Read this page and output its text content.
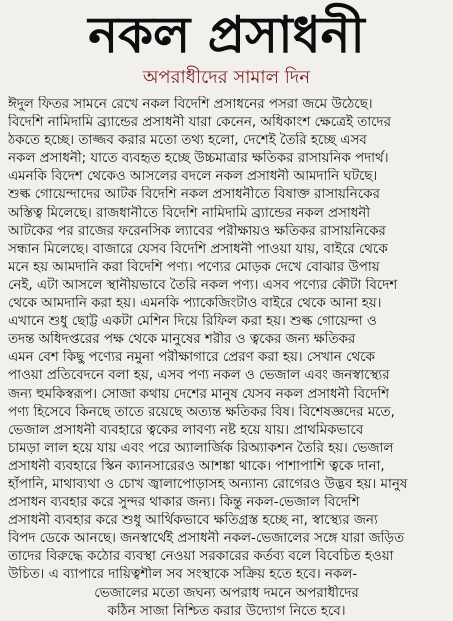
নকল প্রসাধনী
অপরাধীদের সামাল দিন
ঈদুল ফিতর সামনে রেখে নকল বিদেশি প্রসাধনের পসরা জমে উঠেছে।
বিদেশি নামিদামি ব্র্যান্ডের প্রসাধনী যারা কেনেন, অধিকাংশ ক্ষেত্রেই তাদের
ঠকতে হচ্ছে। তাজ্জব করার মতো তথ্য হলো, দেশেই তৈরি হচ্ছে এসব
নকল প্রসাধনী; যাতে ব্যবহৃত হচ্ছে উচ্চমাত্রার ক্ষতিকর রাসায়নিক পদার্থ।
এমনকি বিদেশ থেকেও আসলের বদলে নকল প্রসাধনী আমদানি ঘটছে।
শুল্ক গোয়েন্দাদের আটক বিদেশি নকল প্রসাধনীতে বিষাক্ত রাসায়নিকের
অস্তিত্ব মিলেছে। রাজধানীতে বিদেশি নামিদামি ব্র্যান্ডের নকল প্রসাধনী
আটকের পর রাজের ফরেনসিক ল্যাবের পরীক্ষায়ও ক্ষতিকর রাসায়নিকের
সন্ধান মিলেছে। বাজারে যেসব বিদেশি প্রসাধনী পাওয়া যায়, বাইরে থেকে
মনে হয় আমদানি করা বিদেশি পণ্য। পণ্যের মোড়ক দেখে বোঝার উপায়
নেই, এটা আসলে স্থানীয়ভাবে তৈরি নকল পণ্য। এসব পণ্যের কৌটা বিদেশ
থেকে আমদানি করা হয়। এমনকি প্যাকেজিংটাও বাইরে থেকে আনা হয়।
এখানে শুধু ছোট্ট একটা মেশিন দিয়ে রিফিল করা হয়। শুল্ক গোয়েন্দা ও
তদন্ত অধিদপ্তরের পক্ষ থেকে মানুষের শরীর ও ত্বকের জন্য ক্ষতিকর
এমন বেশ কিছু পণ্যের নমুনা পরীক্ষাগারে প্রেরণ করা হয়। সেখান থেকে
পাওয়া প্রতিবেদনে বলা হয়, এসব পণ্য নকল ও ভেজাল এবং জনস্বাস্থ্যের
জন্য হুমকিস্বরূপ। সোজা কথায় দেশের মানুষ যেসব নকল প্রসাধনী বিদেশি
পণ্য হিসেবে কিনছে তাতে রয়েছে অত্যন্ত ক্ষতিকর বিষ। বিশেষজ্ঞদের মতে,
ভেজাল প্রসাধনী ব্যবহারে ত্বকের লাবণ্য নষ্ট হয়ে যায়। প্রাথমিকভাবে
চামড়া লাল হয়ে যায় এবং পরে অ্যালার্জিক রিঅ্যাকশন তৈরি হয়। ভেজাল
প্রসাধনী ব্যবহারে স্কিন ক্যানসারেরও আশঙ্কা থাকে। পাশাপাশি ত্বকে দানা,
হাঁপানি, মাথাব্যথা ও চোখ জ্বালাপোড়াসহ অন্যান্য রোগেরও উদ্ভব হয়। মানুষ
প্রসাধন ব্যবহার করে সুন্দর থাকার জন্য। কিন্তু নকল-ভেজাল বিদেশি
প্রসাধনী ব্যবহার করে শুধু আর্থিকভাবে ক্ষতিগ্রস্ত হচ্ছে না, স্বাস্থ্যের জন্য
বিপদ ডেকে আনছে। জনস্বার্থেই প্রসাধনী নকল-ভেজালের সঙ্গে যারা জড়িত
তাদের বিরুদ্ধে কঠোর ব্যবস্থা নেওয়া সরকারের কর্তব্য বলে বিবেচিত হওয়া
উচিত। এ ব্যাপারে দায়িত্বশীল সব সংস্থাকে সক্রিয় হতে হবে। নকল-
ভেজালের মতো জঘন্য অপরাধ দমনে অপরাধীদের
কঠিন সাজা নিশ্চিত করার উদ্যোগ নিতে হবে।
